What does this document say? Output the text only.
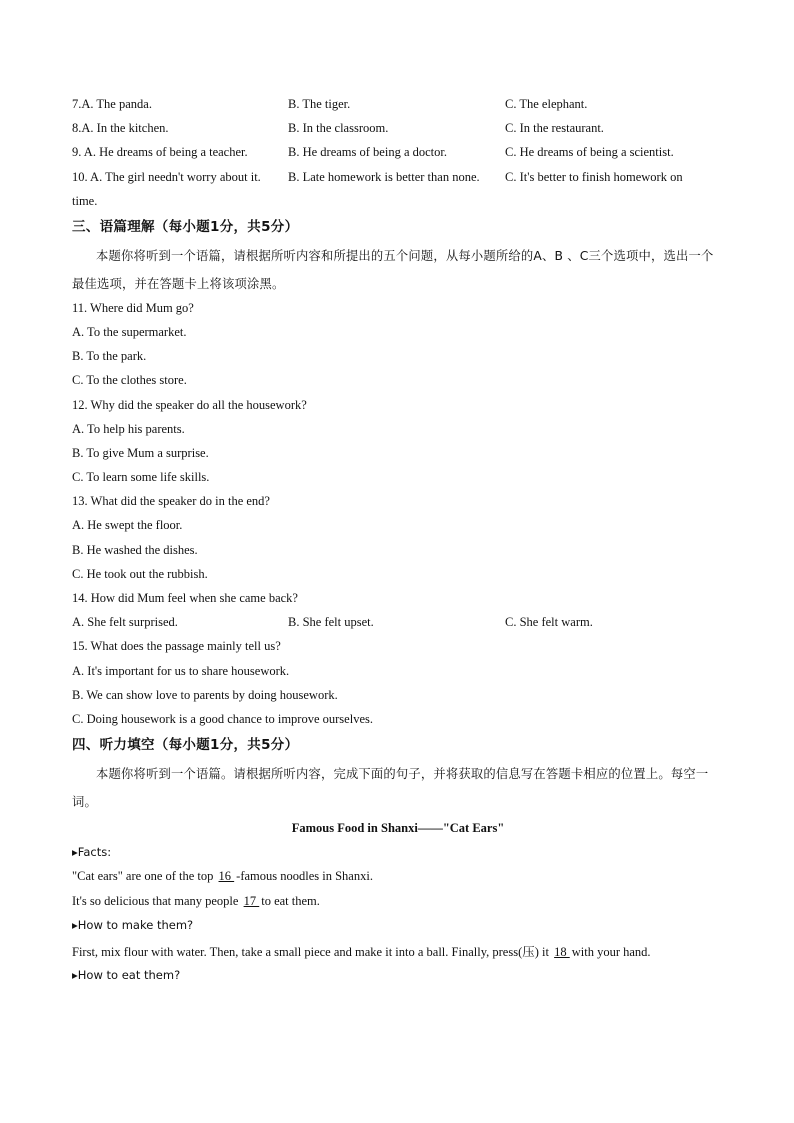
7.A. The panda.	B. The tiger.	C. The elephant.
8.A. In the kitchen.	B. In the classroom.	C. In the restaurant.
9. A. He dreams of being a teacher.	B. He dreams of being a doctor.	C. He dreams of being a scientist.
10. A. The girl needn't worry about it. B. Late homework is better than none. C. It's better to finish homework on
time.
三、语篇理解（每小题1分，共5分）
本题你将听到一个语篇，请根据所听内容和所提出的五个问题，从每小题所给的A、B 、C三个选项中，选出一个最佳选项，并在答题卡上将该项涂黑。
11. Where did Mum go?
A. To the supermarket.
B. To the park.
C. To the clothes store.
12. Why did the speaker do all the housework?
A. To help his parents.
B. To give Mum a surprise.
C. To learn some life skills.
13. What did the speaker do in the end?
A. He swept the floor.
B. He washed the dishes.
C. He took out the rubbish.
14. How did Mum feel when she came back?
A. She felt surprised.	B. She felt upset.	C. She felt warm.
15. What does the passage mainly tell us?
A. It's important for us to share housework.
B. We can show love to parents by doing housework.
C. Doing housework is a good chance to improve ourselves.
四、听力填空（每小题1分，共5分）
本题你将听到一个语篇。请根据所听内容，完成下面的句子，并将获取的信息写在答题卡相应的位置上。每空一词。
Famous Food in Shanxi——"Cat Ears"
▸Facts:
"Cat ears" are one of the top 16 -famous noodles in Shanxi.
It's so delicious that many people 17 to eat them.
▸How to make them?
First, mix flour with water. Then, take a small piece and make it into a ball. Finally, press(压) it 18 with your hand.
▸How to eat them?
